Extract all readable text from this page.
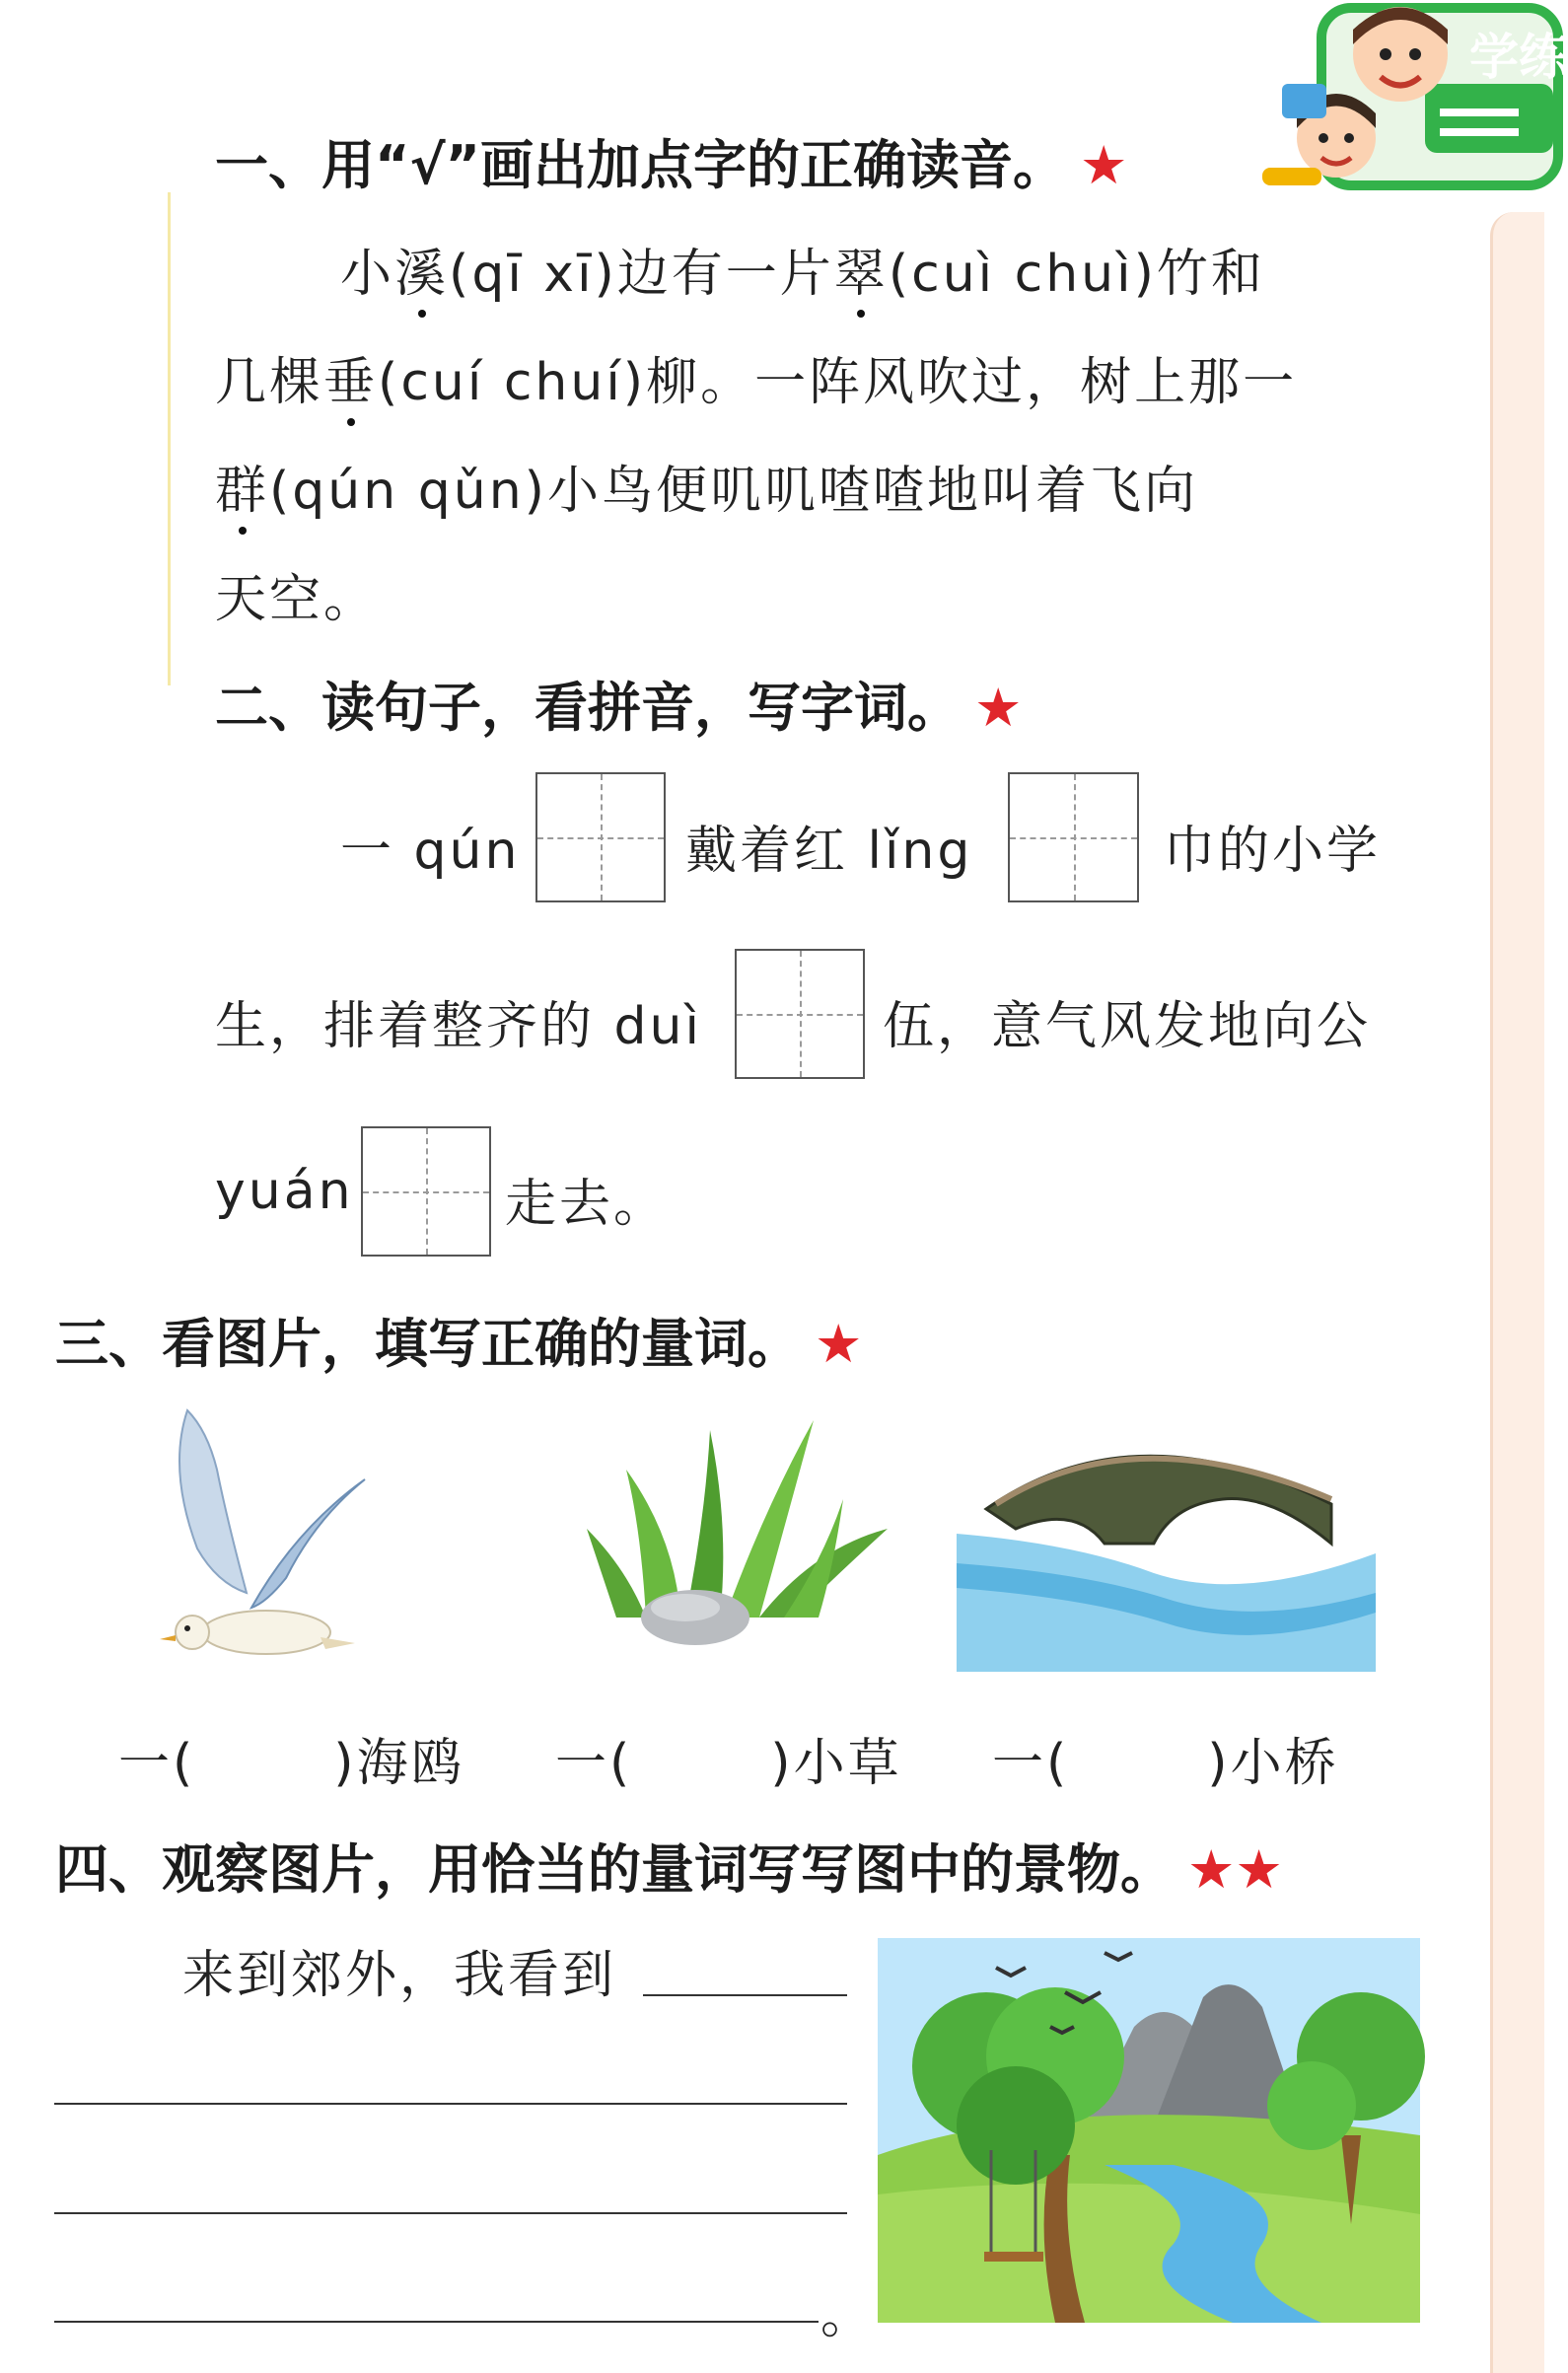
学练
一、用“√”画出加点字的正确读音。 ★
小溪(qī xī)边有一片翠(cuì chuì)竹和
几棵垂(cuí chuí)柳。一阵风吹过，树上那一
群(qún qǔn)小鸟便叽叽喳喳地叫着飞向
天空。
二、读句子，看拼音，写字词。 ★
一 qún	戴着红 lǐng	巾的小学
生，排着整齐的 duì	伍，意气风发地向公
yuán	走去。
三、看图片，填写正确的量词。 ★
一(	)海鸥 一(	)小草 一(	)小桥
四、观察图片，用恰当的量词写写图中的景物。 ★★
来到郊外，我看到
。
